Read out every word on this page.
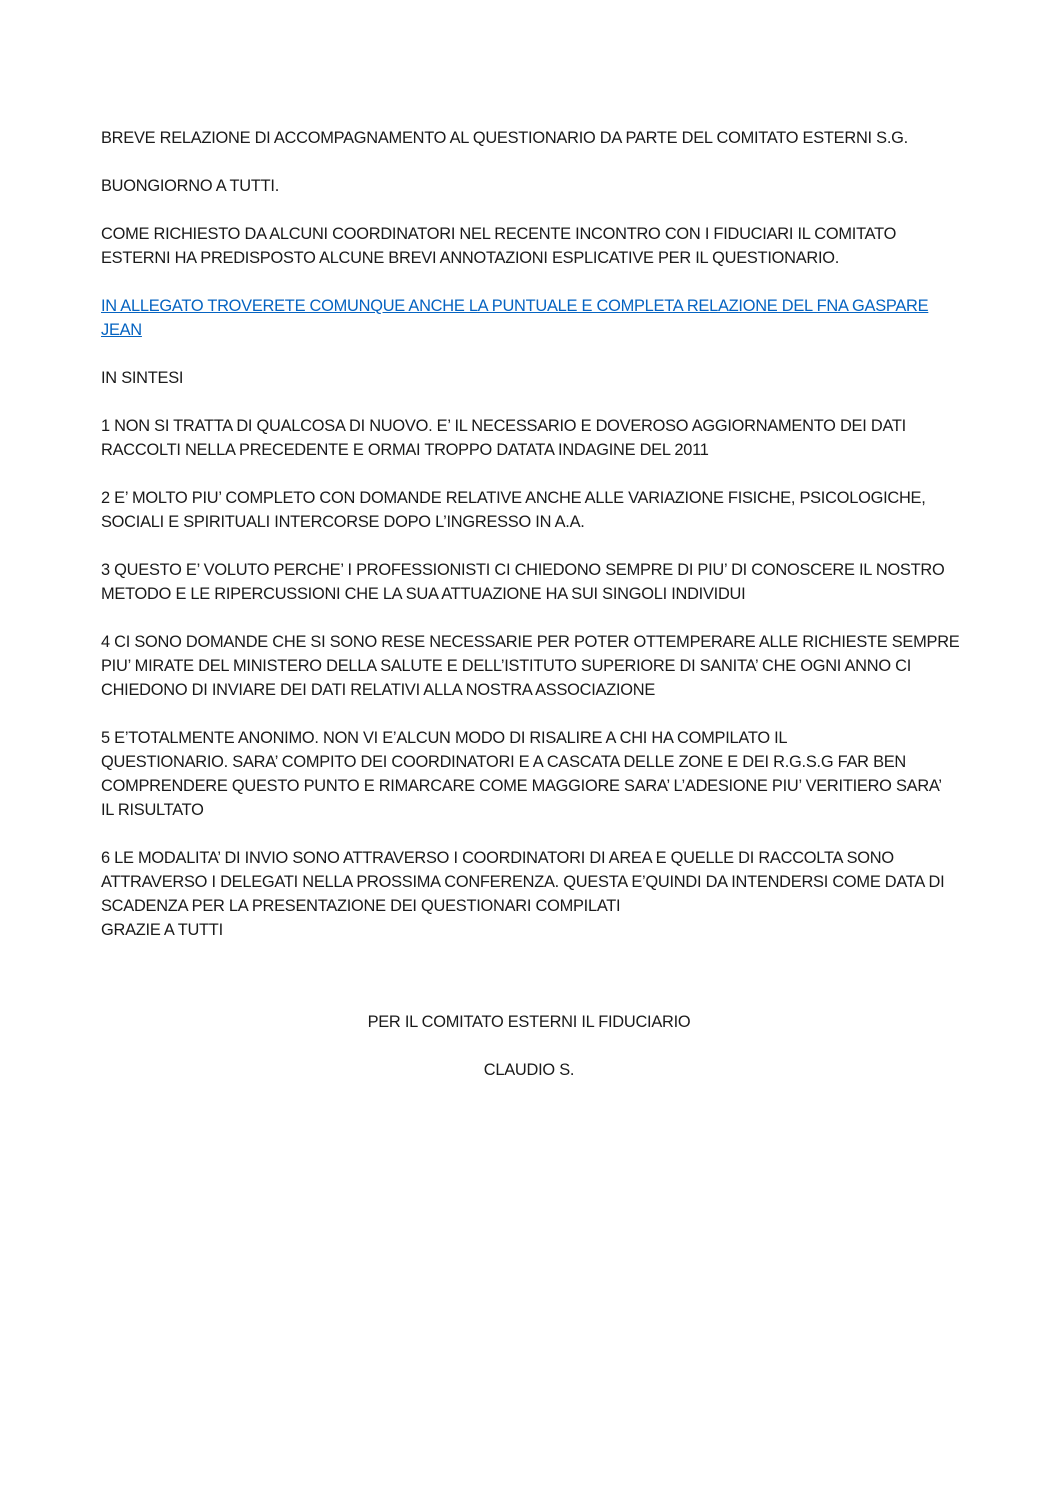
BREVE RELAZIONE DI ACCOMPAGNAMENTO AL QUESTIONARIO DA PARTE DEL COMITATO ESTERNI S.G.

BUONGIORNO A TUTTI.

COME RICHIESTO DA ALCUNI COORDINATORI NEL RECENTE INCONTRO CON I FIDUCIARI IL COMITATO
ESTERNI HA PREDISPOSTO ALCUNE BREVI ANNOTAZIONI ESPLICATIVE PER IL QUESTIONARIO.

IN ALLEGATO TROVERETE COMUNQUE ANCHE LA PUNTUALE E COMPLETA RELAZIONE DEL FNA GASPARE
JEAN

IN SINTESI

1 NON SI TRATTA DI QUALCOSA DI NUOVO. E’ IL NECESSARIO E DOVEROSO AGGIORNAMENTO DEI DATI
RACCOLTI NELLA PRECEDENTE E ORMAI TROPPO DATATA INDAGINE DEL 2011

2 E’ MOLTO PIU’ COMPLETO CON DOMANDE RELATIVE ANCHE ALLE VARIAZIONE FISICHE, PSICOLOGICHE,
SOCIALI E SPIRITUALI INTERCORSE DOPO L’INGRESSO IN A.A.

3 QUESTO E’ VOLUTO PERCHE’ I PROFESSIONISTI CI CHIEDONO SEMPRE DI PIU’ DI CONOSCERE IL NOSTRO
METODO E LE RIPERCUSSIONI CHE LA SUA ATTUAZIONE HA SUI SINGOLI INDIVIDUI

4 CI SONO DOMANDE CHE SI SONO RESE NECESSARIE PER POTER OTTEMPERARE ALLE RICHIESTE SEMPRE
PIU’ MIRATE DEL MINISTERO DELLA SALUTE E DELL’ISTITUTO SUPERIORE DI SANITA’ CHE OGNI ANNO CI
CHIEDONO DI INVIARE DEI DATI RELATIVI ALLA NOSTRA ASSOCIAZIONE

5 E’TOTALMENTE ANONIMO. NON VI E’ALCUN MODO DI RISALIRE A CHI HA COMPILATO IL
QUESTIONARIO. SARA’ COMPITO DEI COORDINATORI E A CASCATA DELLE ZONE E DEI R.G.S.G FAR BEN
COMPRENDERE QUESTO PUNTO E RIMARCARE COME MAGGIORE SARA’ L’ADESIONE PIU’ VERITIERO SARA’
IL RISULTATO

6 LE MODALITA’ DI INVIO SONO ATTRAVERSO I COORDINATORI DI AREA E QUELLE DI RACCOLTA SONO
ATTRAVERSO I DELEGATI NELLA PROSSIMA CONFERENZA. QUESTA E’QUINDI DA INTENDERSI COME DATA DI
SCADENZA PER LA PRESENTAZIONE DEI QUESTIONARI COMPILATI

GRAZIE A TUTTI

PER IL COMITATO ESTERNI IL FIDUCIARIO

CLAUDIO S.
